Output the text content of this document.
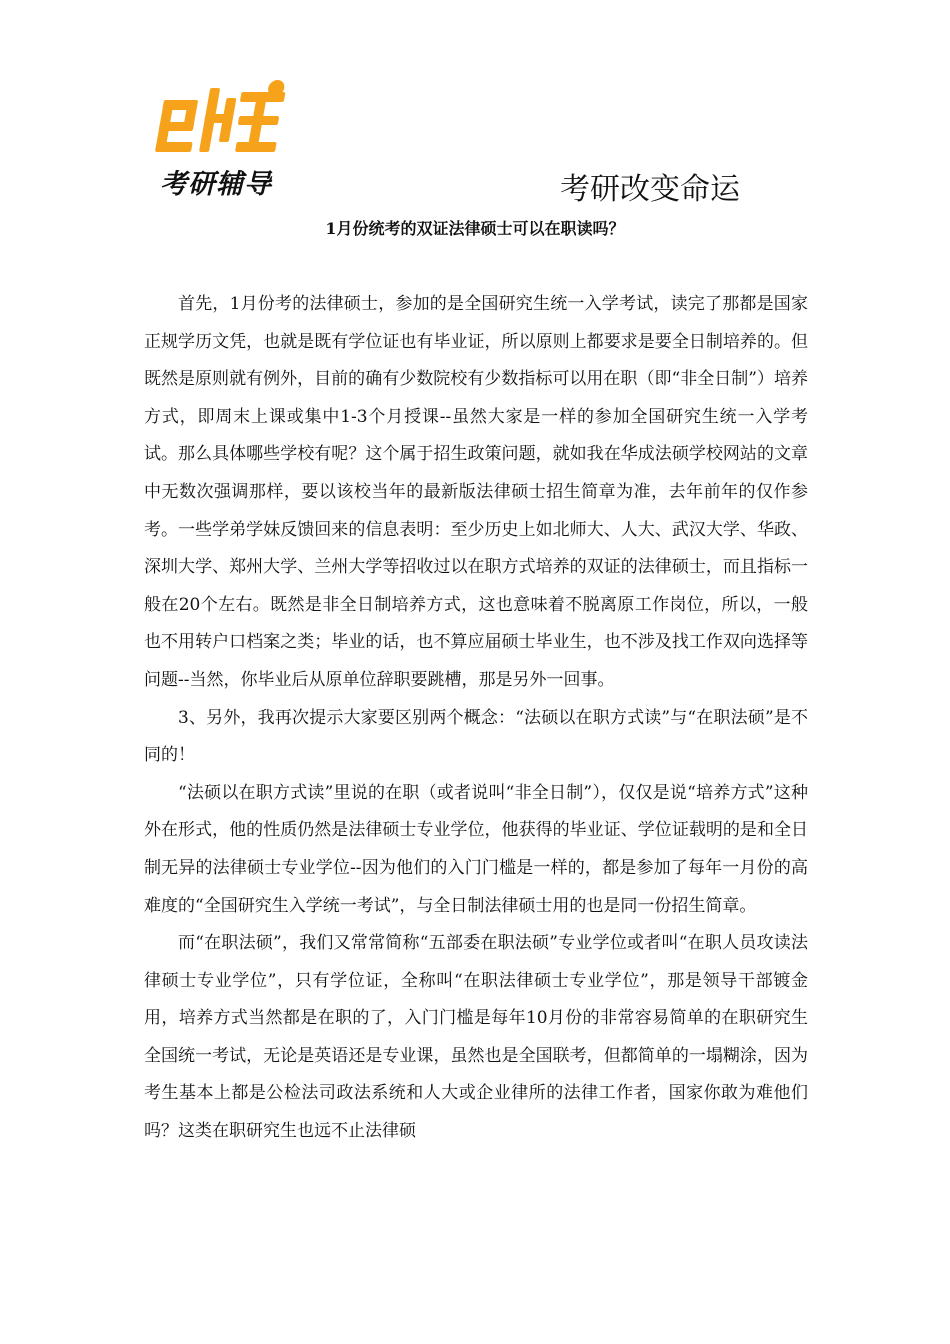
考研辅导	考研改变命运
1月份统考的双证法律硕士可以在职读吗？

首先，1月份考的法律硕士，参加的是全国研究生统一入学考试，读完了那都是国家正规学历文凭，也就是既有学位证也有毕业证，所以原则上都要求是要全日制培养的。但既然是原则就有例外，目前的确有少数院校有少数指标可以用在职（即“非全日制”）培养方式，即周末上课或集中1-3个月授课--虽然大家是一样的参加全国研究生统一入学考试。那么具体哪些学校有呢？这个属于招生政策问题，就如我在华成法硕学校网站的文章中无数次强调那样，要以该校当年的最新版法律硕士招生简章为准，去年前年的仅作参考。一些学弟学妹反馈回来的信息表明：至少历史上如北师大、人大、武汉大学、华政、深圳大学、郑州大学、兰州大学等招收过以在职方式培养的双证的法律硕士，而且指标一般在20个左右。既然是非全日制培养方式，这也意味着不脱离原工作岗位，所以，一般也不用转户口档案之类；毕业的话，也不算应届硕士毕业生，也不涉及找工作双向选择等问题--当然，你毕业后从原单位辞职要跳槽，那是另外一回事。

3、另外，我再次提示大家要区别两个概念：“法硕以在职方式读”与“在职法硕”是不同的！

“法硕以在职方式读”里说的在职（或者说叫“非全日制”），仅仅是说“培养方式”这种外在形式，他的性质仍然是法律硕士专业学位，他获得的毕业证、学位证载明的是和全日制无异的法律硕士专业学位--因为他们的入门门槛是一样的，都是参加了每年一月份的高难度的“全国研究生入学统一考试”，与全日制法律硕士用的也是同一份招生简章。

而“在职法硕”，我们又常常简称“五部委在职法硕”专业学位或者叫“在职人员攻读法律硕士专业学位”，只有学位证，全称叫“在职法律硕士专业学位”，那是领导干部镀金用，培养方式当然都是在职的了，入门门槛是每年10月份的非常容易简单的在职研究生全国统一考试，无论是英语还是专业课，虽然也是全国联考，但都简单的一塌糊涂，因为考生基本上都是公检法司政法系统和人大或企业律所的法律工作者，国家你敢为难他们吗？这类在职研究生也远不止法律硕
